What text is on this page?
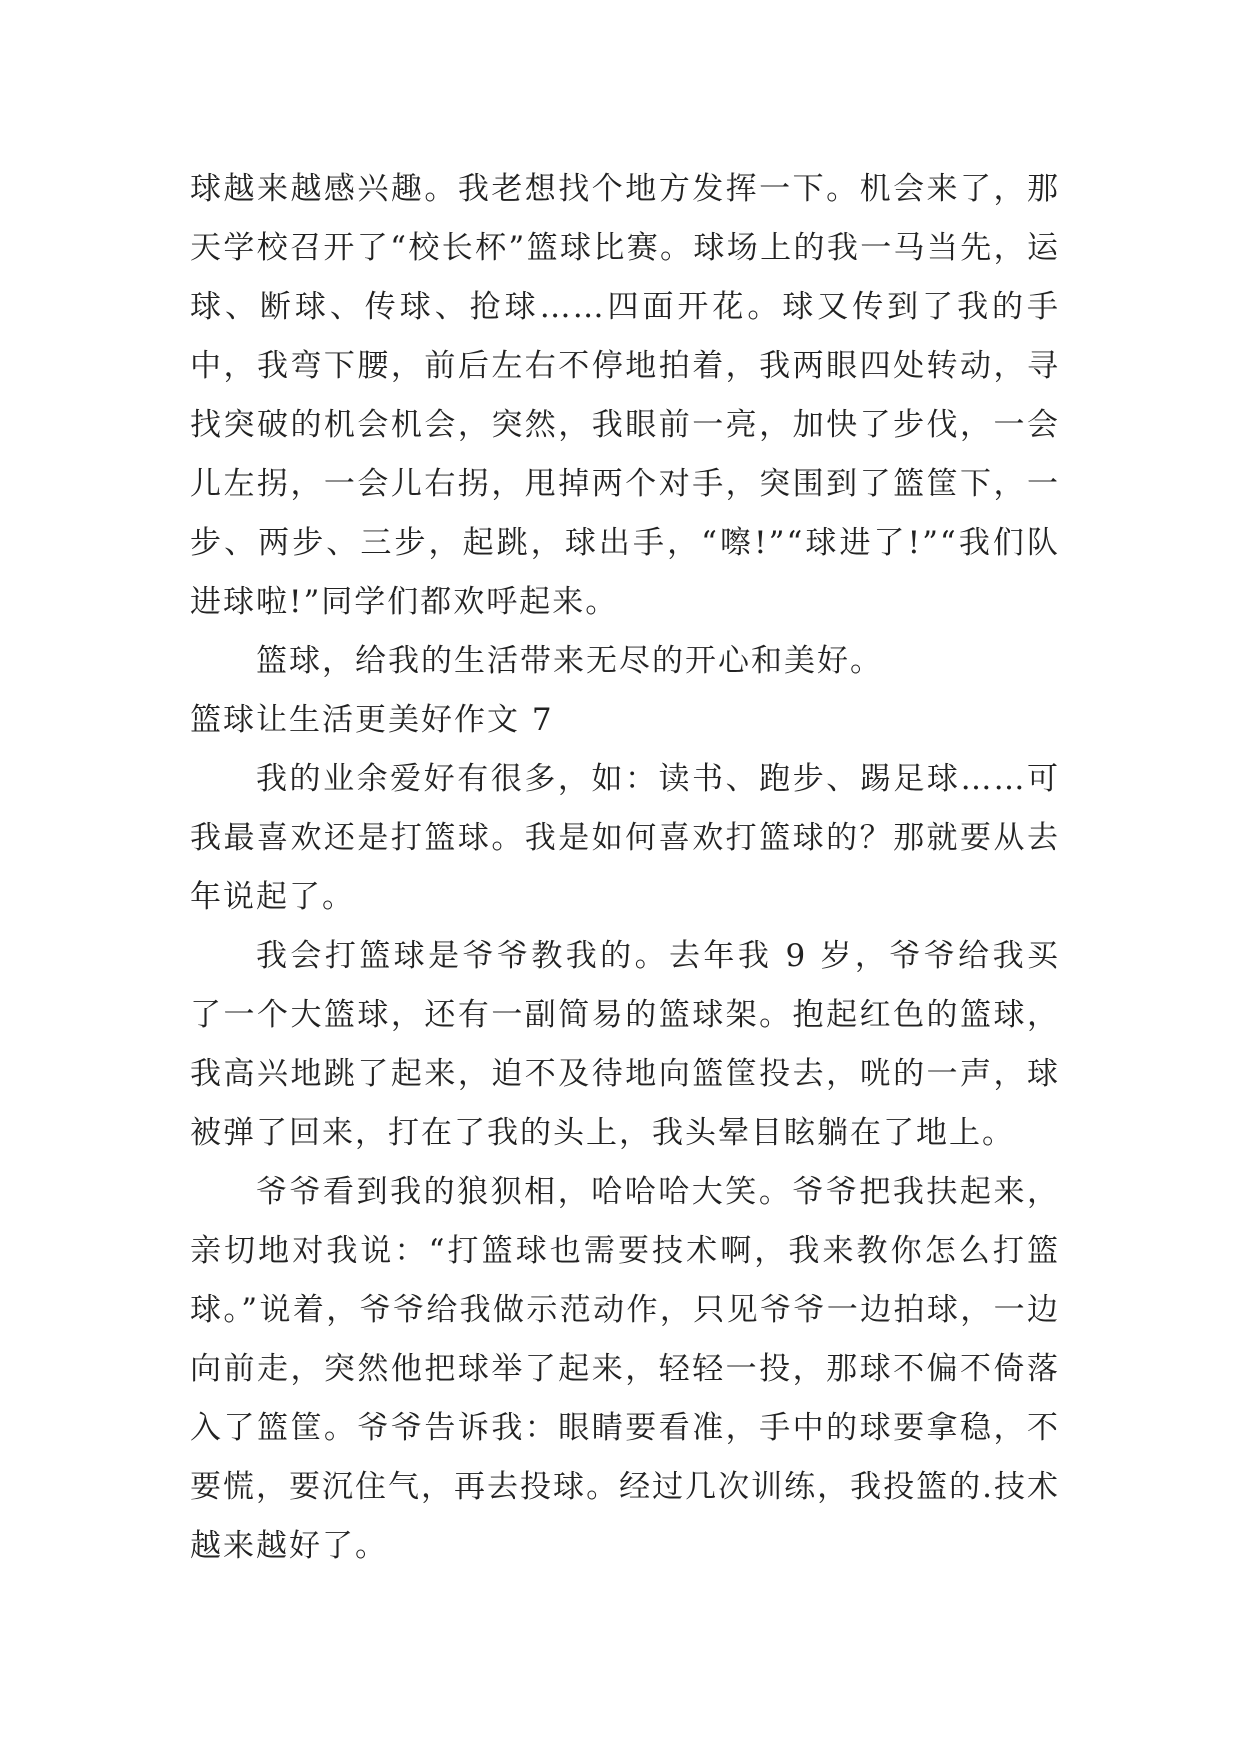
球越来越感兴趣。我老想找个地方发挥一下。机会来了，那天学校召开了“校长杯”篮球比赛。球场上的我一马当先，运球、断球、传球、抢球……四面开花。球又传到了我的手中，我弯下腰，前后左右不停地拍着，我两眼四处转动，寻找突破的机会机会，突然，我眼前一亮，加快了步伐，一会儿左拐，一会儿右拐，甩掉两个对手，突围到了篮筐下，一步、两步、三步，起跳，球出手，“嚓!”“球进了!”“我们队进球啦!”同学们都欢呼起来。

篮球，给我的生活带来无尽的开心和美好。

篮球让生活更美好作文 7

我的业余爱好有很多，如：读书、跑步、踢足球……可我最喜欢还是打篮球。我是如何喜欢打篮球的？那就要从去年说起了。

我会打篮球是爷爷教我的。去年我 9 岁，爷爷给我买了一个大篮球，还有一副简易的篮球架。抱起红色的篮球，我高兴地跳了起来，迫不及待地向篮筐投去，咣的一声，球被弹了回来，打在了我的头上，我头晕目眩躺在了地上。

爷爷看到我的狼狈相，哈哈哈大笑。爷爷把我扶起来，亲切地对我说：“打篮球也需要技术啊，我来教你怎么打篮球。”说着，爷爷给我做示范动作，只见爷爷一边拍球，一边向前走，突然他把球举了起来，轻轻一投，那球不偏不倚落入了篮筐。爷爷告诉我：眼睛要看准，手中的球要拿稳，不要慌，要沉住气，再去投球。经过几次训练，我投篮的.技术越来越好了。
